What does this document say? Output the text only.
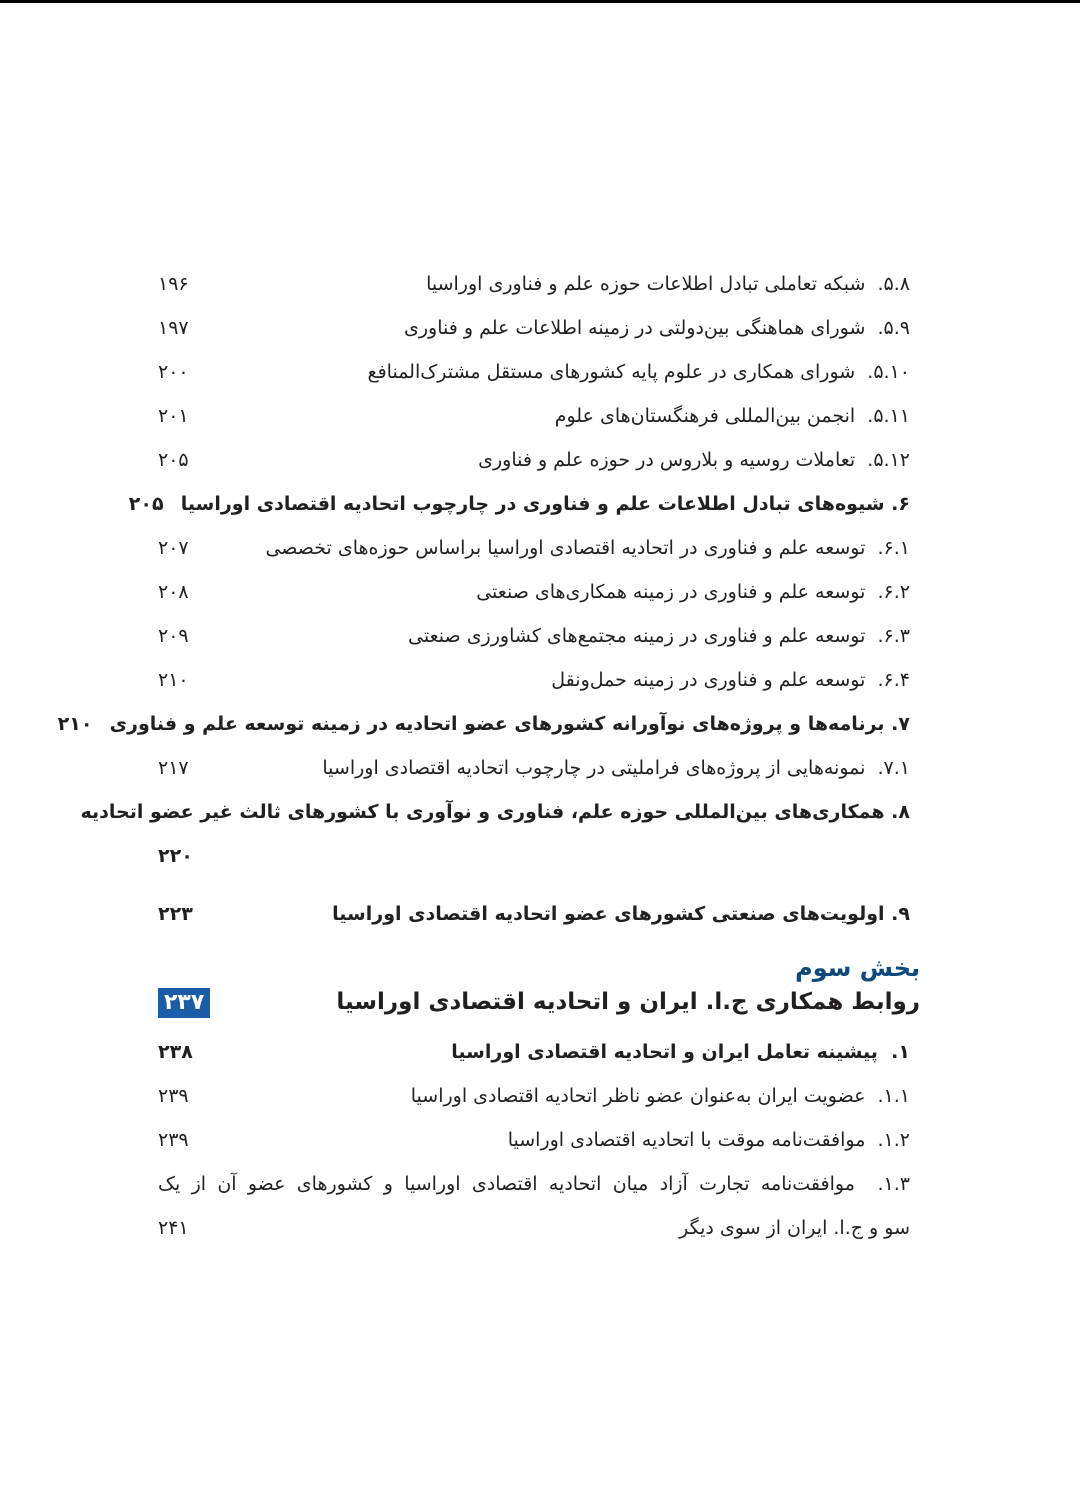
۵.۸.  شبکه تعاملی تبادل اطلاعات حوزه علم و فناوری اوراسیا
۱۹۶
۵.۹.  شورای هماهنگی بین‌دولتی در زمینه اطلاعات علم و فناوری
۱۹۷
۵.۱۰.  شورای همکاری در علوم پایه کشورهای مستقل مشترک‌المنافع
۲۰۰
۵.۱۱.  انجمن بین‌المللی فرهنگستان‌های علوم
۲۰۱
۵.۱۲.  تعاملات روسیه و بلاروس در حوزه علم و فناوری
۲۰۵
۶. شیوه‌های تبادل اطلاعات علم و فناوری در چارچوب اتحادیه اقتصادی اوراسیا
۲۰۵
۶.۱.  توسعه علم و فناوری در اتحادیه اقتصادی اوراسیا براساس حوزه‌های تخصصی
۲۰۷
۶.۲.  توسعه علم و فناوری در زمینه همکاری‌های صنعتی
۲۰۸
۶.۳.  توسعه علم و فناوری در زمینه مجتمع‌های کشاورزی صنعتی
۲۰۹
۶.۴.  توسعه علم و فناوری در زمینه حمل‌ونقل
۲۱۰
۷. برنامه‌ها و پروژه‌های نوآورانه کشورهای عضو اتحادیه در زمینه توسعه علم و فناوری
۲۱۰
۷.۱.  نمونه‌هایی از پروژه‌های فراملیتی در چارچوب اتحادیه اقتصادی اوراسیا
۲۱۷
۸. همکاری‌های بین‌المللی حوزه علم، فناوری و نوآوری با کشورهای ثالث غیر عضو اتحادیه
۲۲۰
۹. اولویت‌های صنعتی کشورهای عضو اتحادیه اقتصادی اوراسیا
۲۲۳
بخش سوم
روابط همکاری ج.ا. ایران و اتحادیه اقتصادی اوراسیا
۲۳۷
۱.  پیشینه تعامل ایران و اتحادیه اقتصادی اوراسیا
۲۳۸
۱.۱.  عضویت ایران به‌عنوان عضو ناظر اتحادیه اقتصادی اوراسیا
۲۳۹
۱.۲.  موافقت‌نامه موقت با اتحادیه اقتصادی اوراسیا
۲۳۹
۱.۳.  موافقت‌نامه تجارت آزاد میان اتحادیه اقتصادی اوراسیا و کشورهای عضو آن از یک
سو و ج.ا. ایران از سوی دیگر
۲۴۱
